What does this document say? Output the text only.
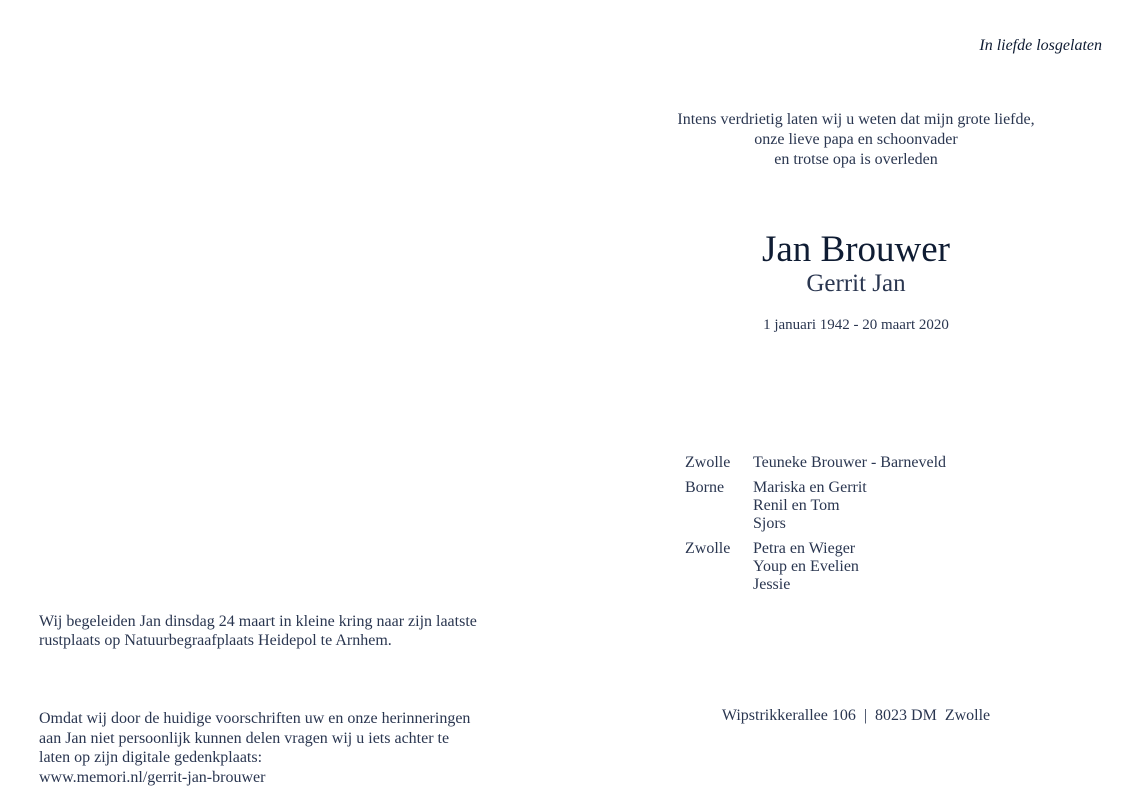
In liefde losgelaten
Intens verdrietig laten wij u weten dat mijn grote liefde,
onze lieve papa en schoonvader
en trotse opa is overleden
Jan Brouwer
Gerrit Jan
1 januari 1942 - 20 maart 2020
Zwolle	Teuneke Brouwer - Barneveld
Borne	Mariska en Gerrit
Renil en Tom
Sjors
Zwolle	Petra en Wieger
Youp en Evelien
Jessie
Wipstrikkerallee 106  |  8023 DM  Zwolle

Wij begeleiden Jan dinsdag 24 maart in kleine kring naar zijn laatste
rustplaats op Natuurbegraafplaats Heidepol te Arnhem.

Omdat wij door de huidige voorschriften uw en onze herinneringen
aan Jan niet persoonlijk kunnen delen vragen wij u iets achter te
laten op zijn digitale gedenkplaats:
www.memori.nl/gerrit-jan-brouwer
